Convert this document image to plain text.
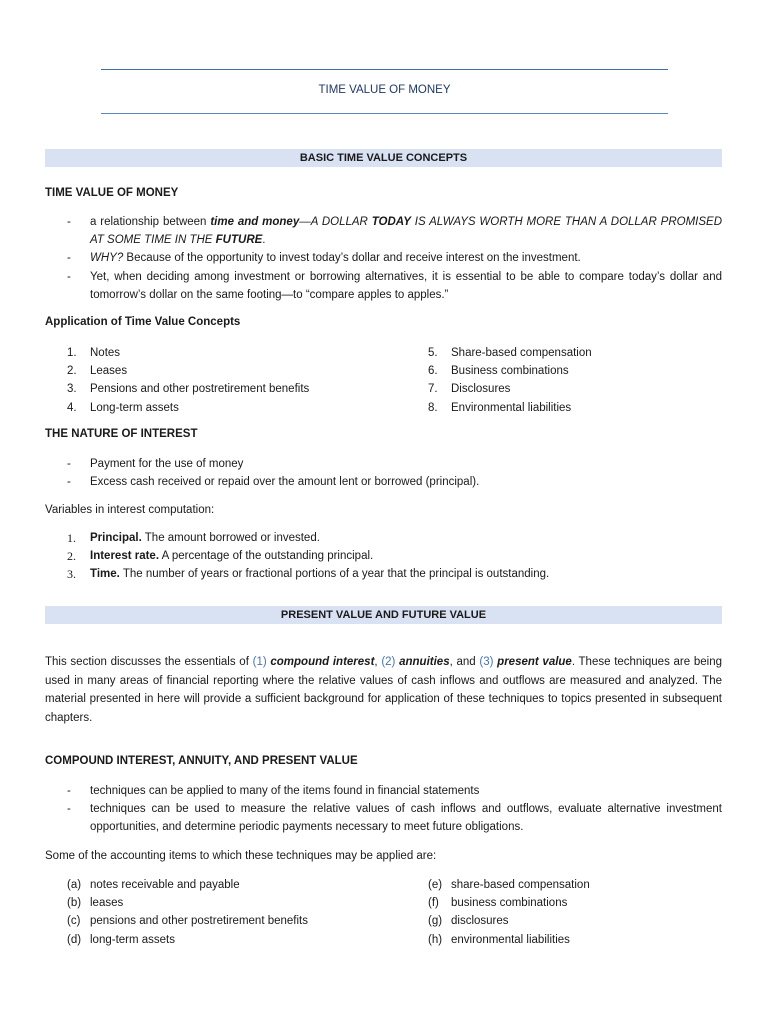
TIME VALUE OF MONEY
BASIC TIME VALUE CONCEPTS
TIME VALUE OF MONEY
- a relationship between time and money—A DOLLAR TODAY IS ALWAYS WORTH MORE THAN A DOLLAR PROMISED AT SOME TIME IN THE FUTURE.
- WHY? Because of the opportunity to invest today’s dollar and receive interest on the investment.
- Yet, when deciding among investment or borrowing alternatives, it is essential to be able to compare today’s dollar and tomorrow’s dollar on the same footing—to “compare apples to apples.”
Application of Time Value Concepts
1. Notes
2. Leases
3. Pensions and other postretirement benefits
4. Long-term assets
5. Share-based compensation
6. Business combinations
7. Disclosures
8. Environmental liabilities
THE NATURE OF INTEREST
- Payment for the use of money
- Excess cash received or repaid over the amount lent or borrowed (principal).
Variables in interest computation:
1. Principal. The amount borrowed or invested.
2. Interest rate. A percentage of the outstanding principal.
3. Time. The number of years or fractional portions of a year that the principal is outstanding.
PRESENT VALUE AND FUTURE VALUE
This section discusses the essentials of (1) compound interest, (2) annuities, and (3) present value. These techniques are being used in many areas of financial reporting where the relative values of cash inflows and outflows are measured and analyzed. The material presented in here will provide a sufficient background for application of these techniques to topics presented in subsequent chapters.
COMPOUND INTEREST, ANNUITY, AND PRESENT VALUE
- techniques can be applied to many of the items found in financial statements
- techniques can be used to measure the relative values of cash inflows and outflows, evaluate alternative investment opportunities, and determine periodic payments necessary to meet future obligations.
Some of the accounting items to which these techniques may be applied are:
(a) notes receivable and payable
(b) leases
(c) pensions and other postretirement benefits
(d) long-term assets
(e) share-based compensation
(f) business combinations
(g) disclosures
(h) environmental liabilities
